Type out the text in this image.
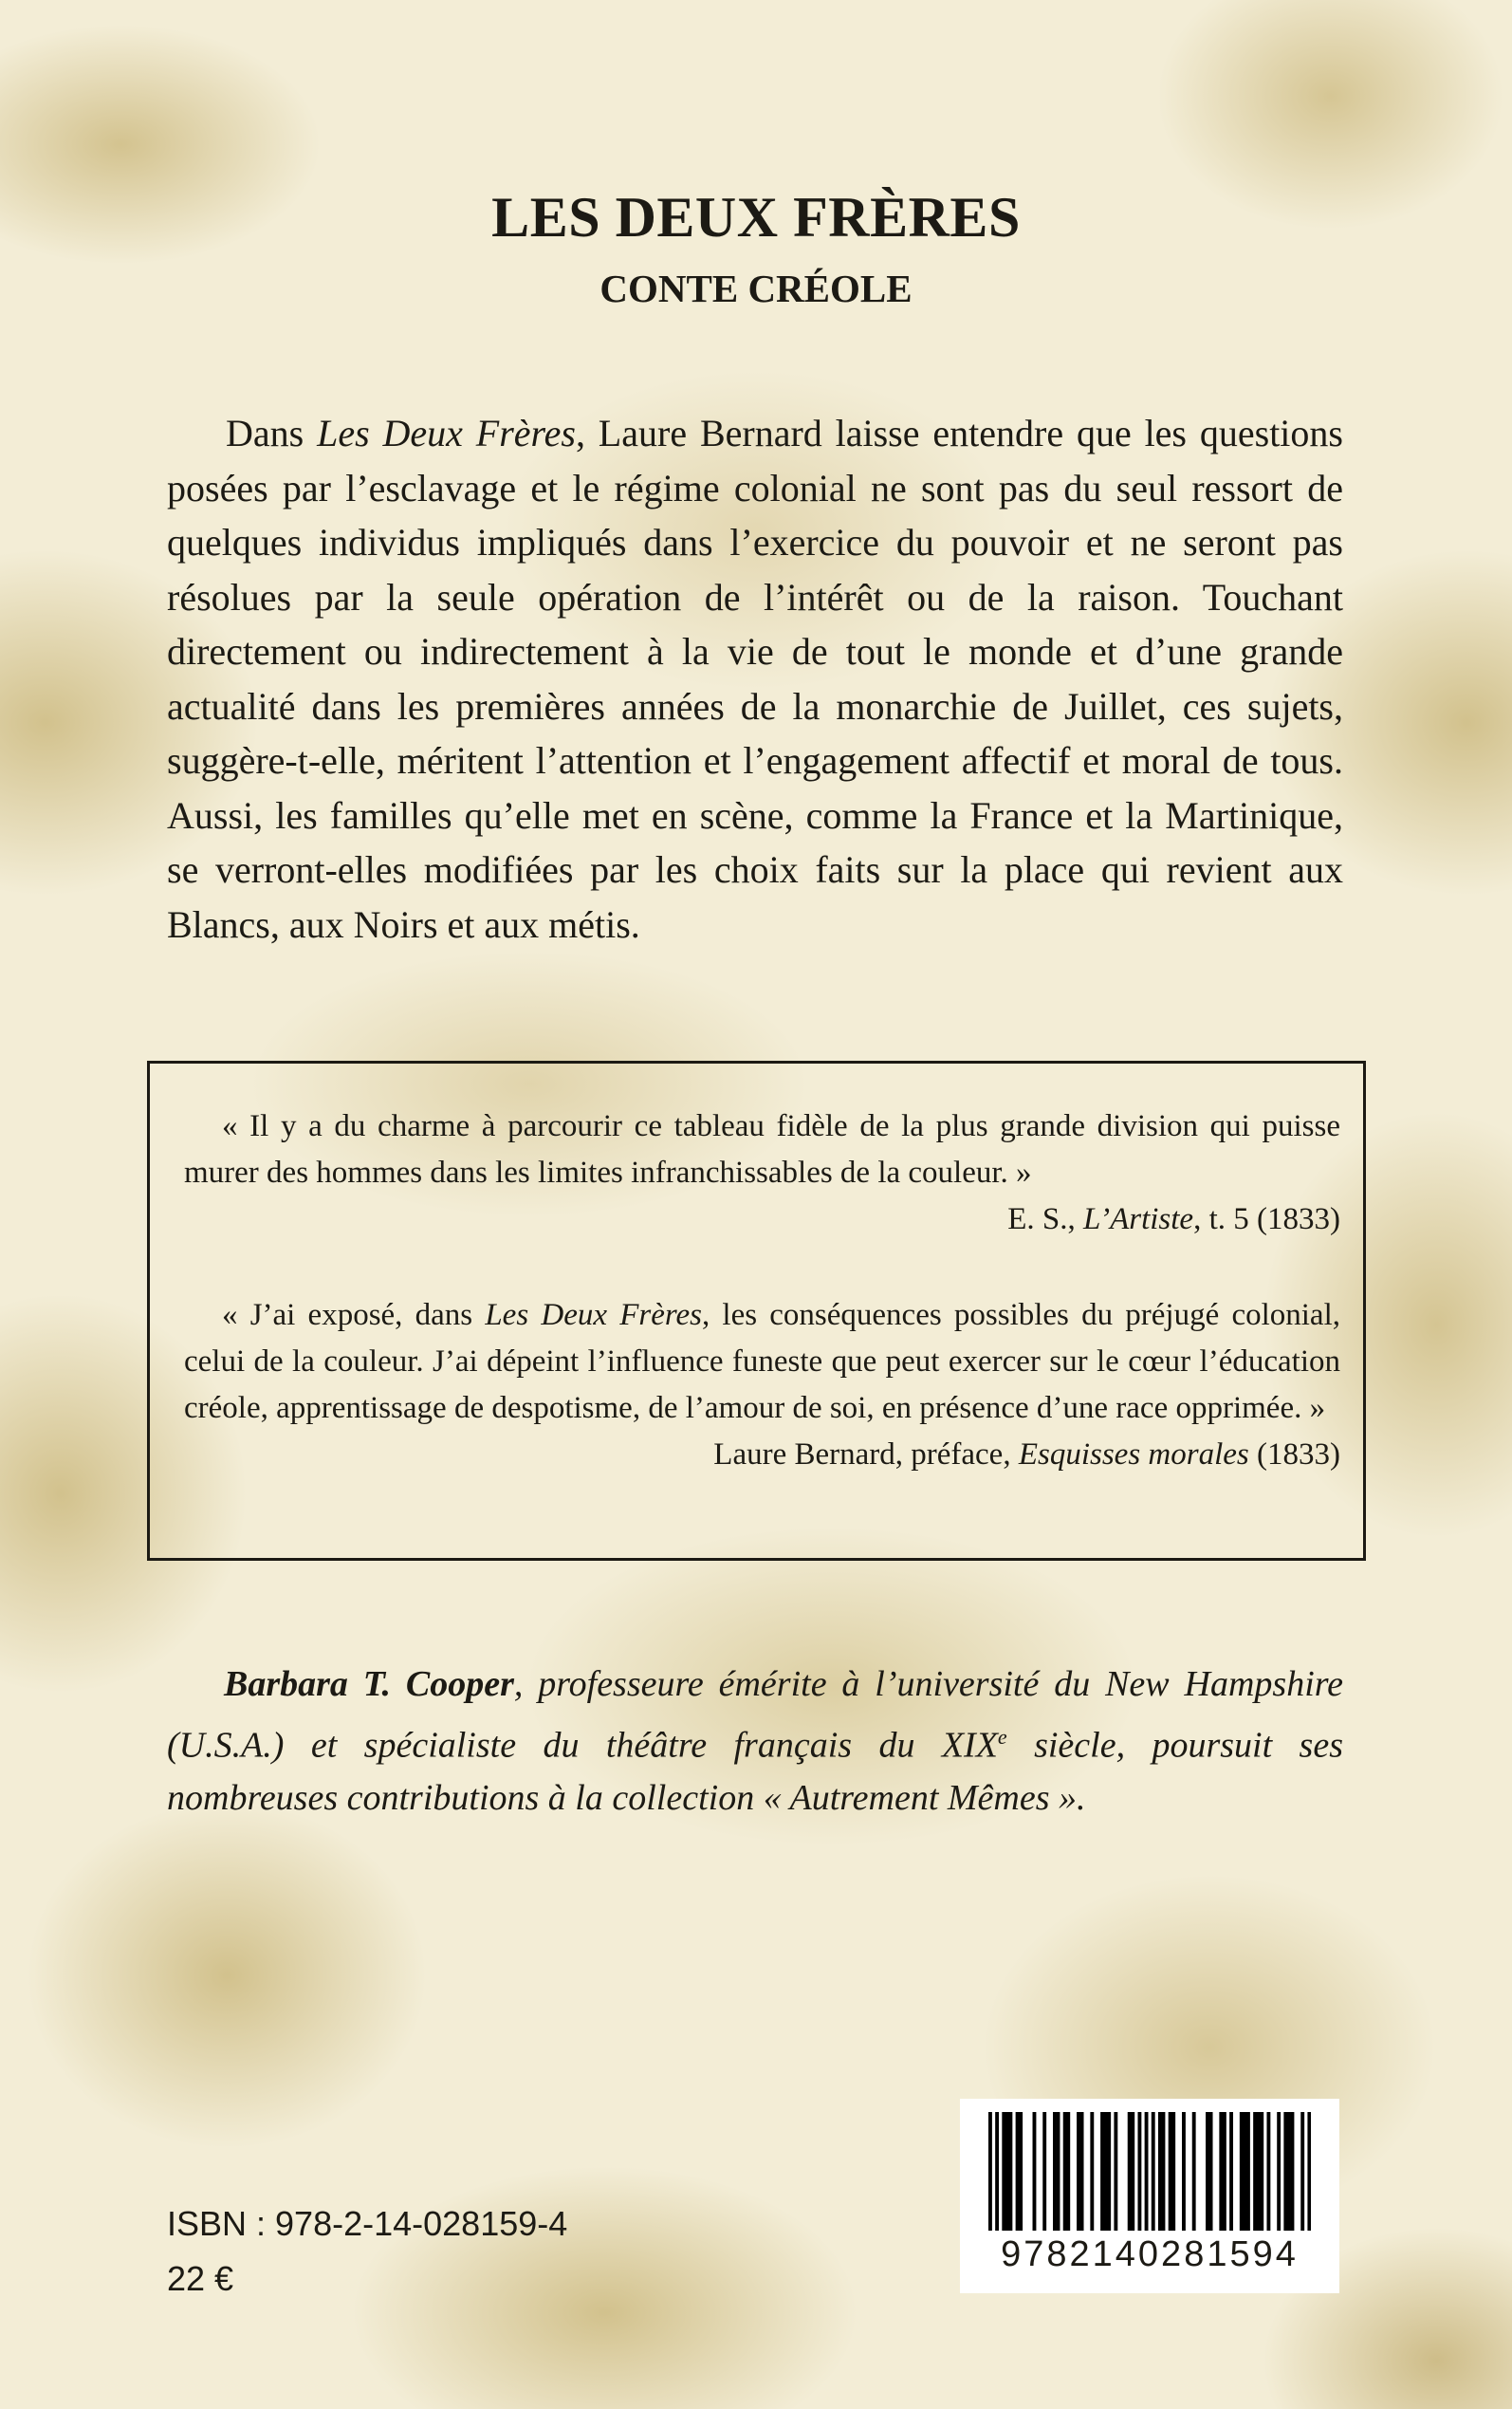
LES DEUX FRÈRES
CONTE CRÉOLE

Dans Les Deux Frères, Laure Bernard laisse entendre que les questions posées par l’esclavage et le régime colonial ne sont pas du seul ressort de quelques individus impliqués dans l’exercice du pouvoir et ne seront pas résolues par la seule opération de l’intérêt ou de la raison. Touchant directement ou indirectement à la vie de tout le monde et d’une grande actualité dans les premières années de la monarchie de Juillet, ces sujets, suggère-t-elle, méritent l’attention et l’engagement affectif et moral de tous. Aussi, les familles qu’elle met en scène, comme la France et la Martinique, se verront-elles modifiées par les choix faits sur la place qui revient aux Blancs, aux Noirs et aux métis.

« Il y a du charme à parcourir ce tableau fidèle de la plus grande division qui puisse murer des hommes dans les limites infranchissables de la couleur. »

E. S., L’Artiste, t. 5 (1833)

« J’ai exposé, dans Les Deux Frères, les conséquences possibles du préjugé colonial, celui de la couleur. J’ai dépeint l’influence funeste que peut exercer sur le cœur l’éducation créole, apprentissage de despotisme, de l’amour de soi, en présence d’une race opprimée. »

Laure Bernard, préface, Esquisses morales (1833)

Barbara T. Cooper, professeure émérite à l’université du New Hampshire (U.S.A.) et spécialiste du théâtre français du XIXe siècle, poursuit ses nombreuses contributions à la collection « Autrement Mêmes ».

ISBN : 978-2-14-028159-4

22 €

9782140281594
